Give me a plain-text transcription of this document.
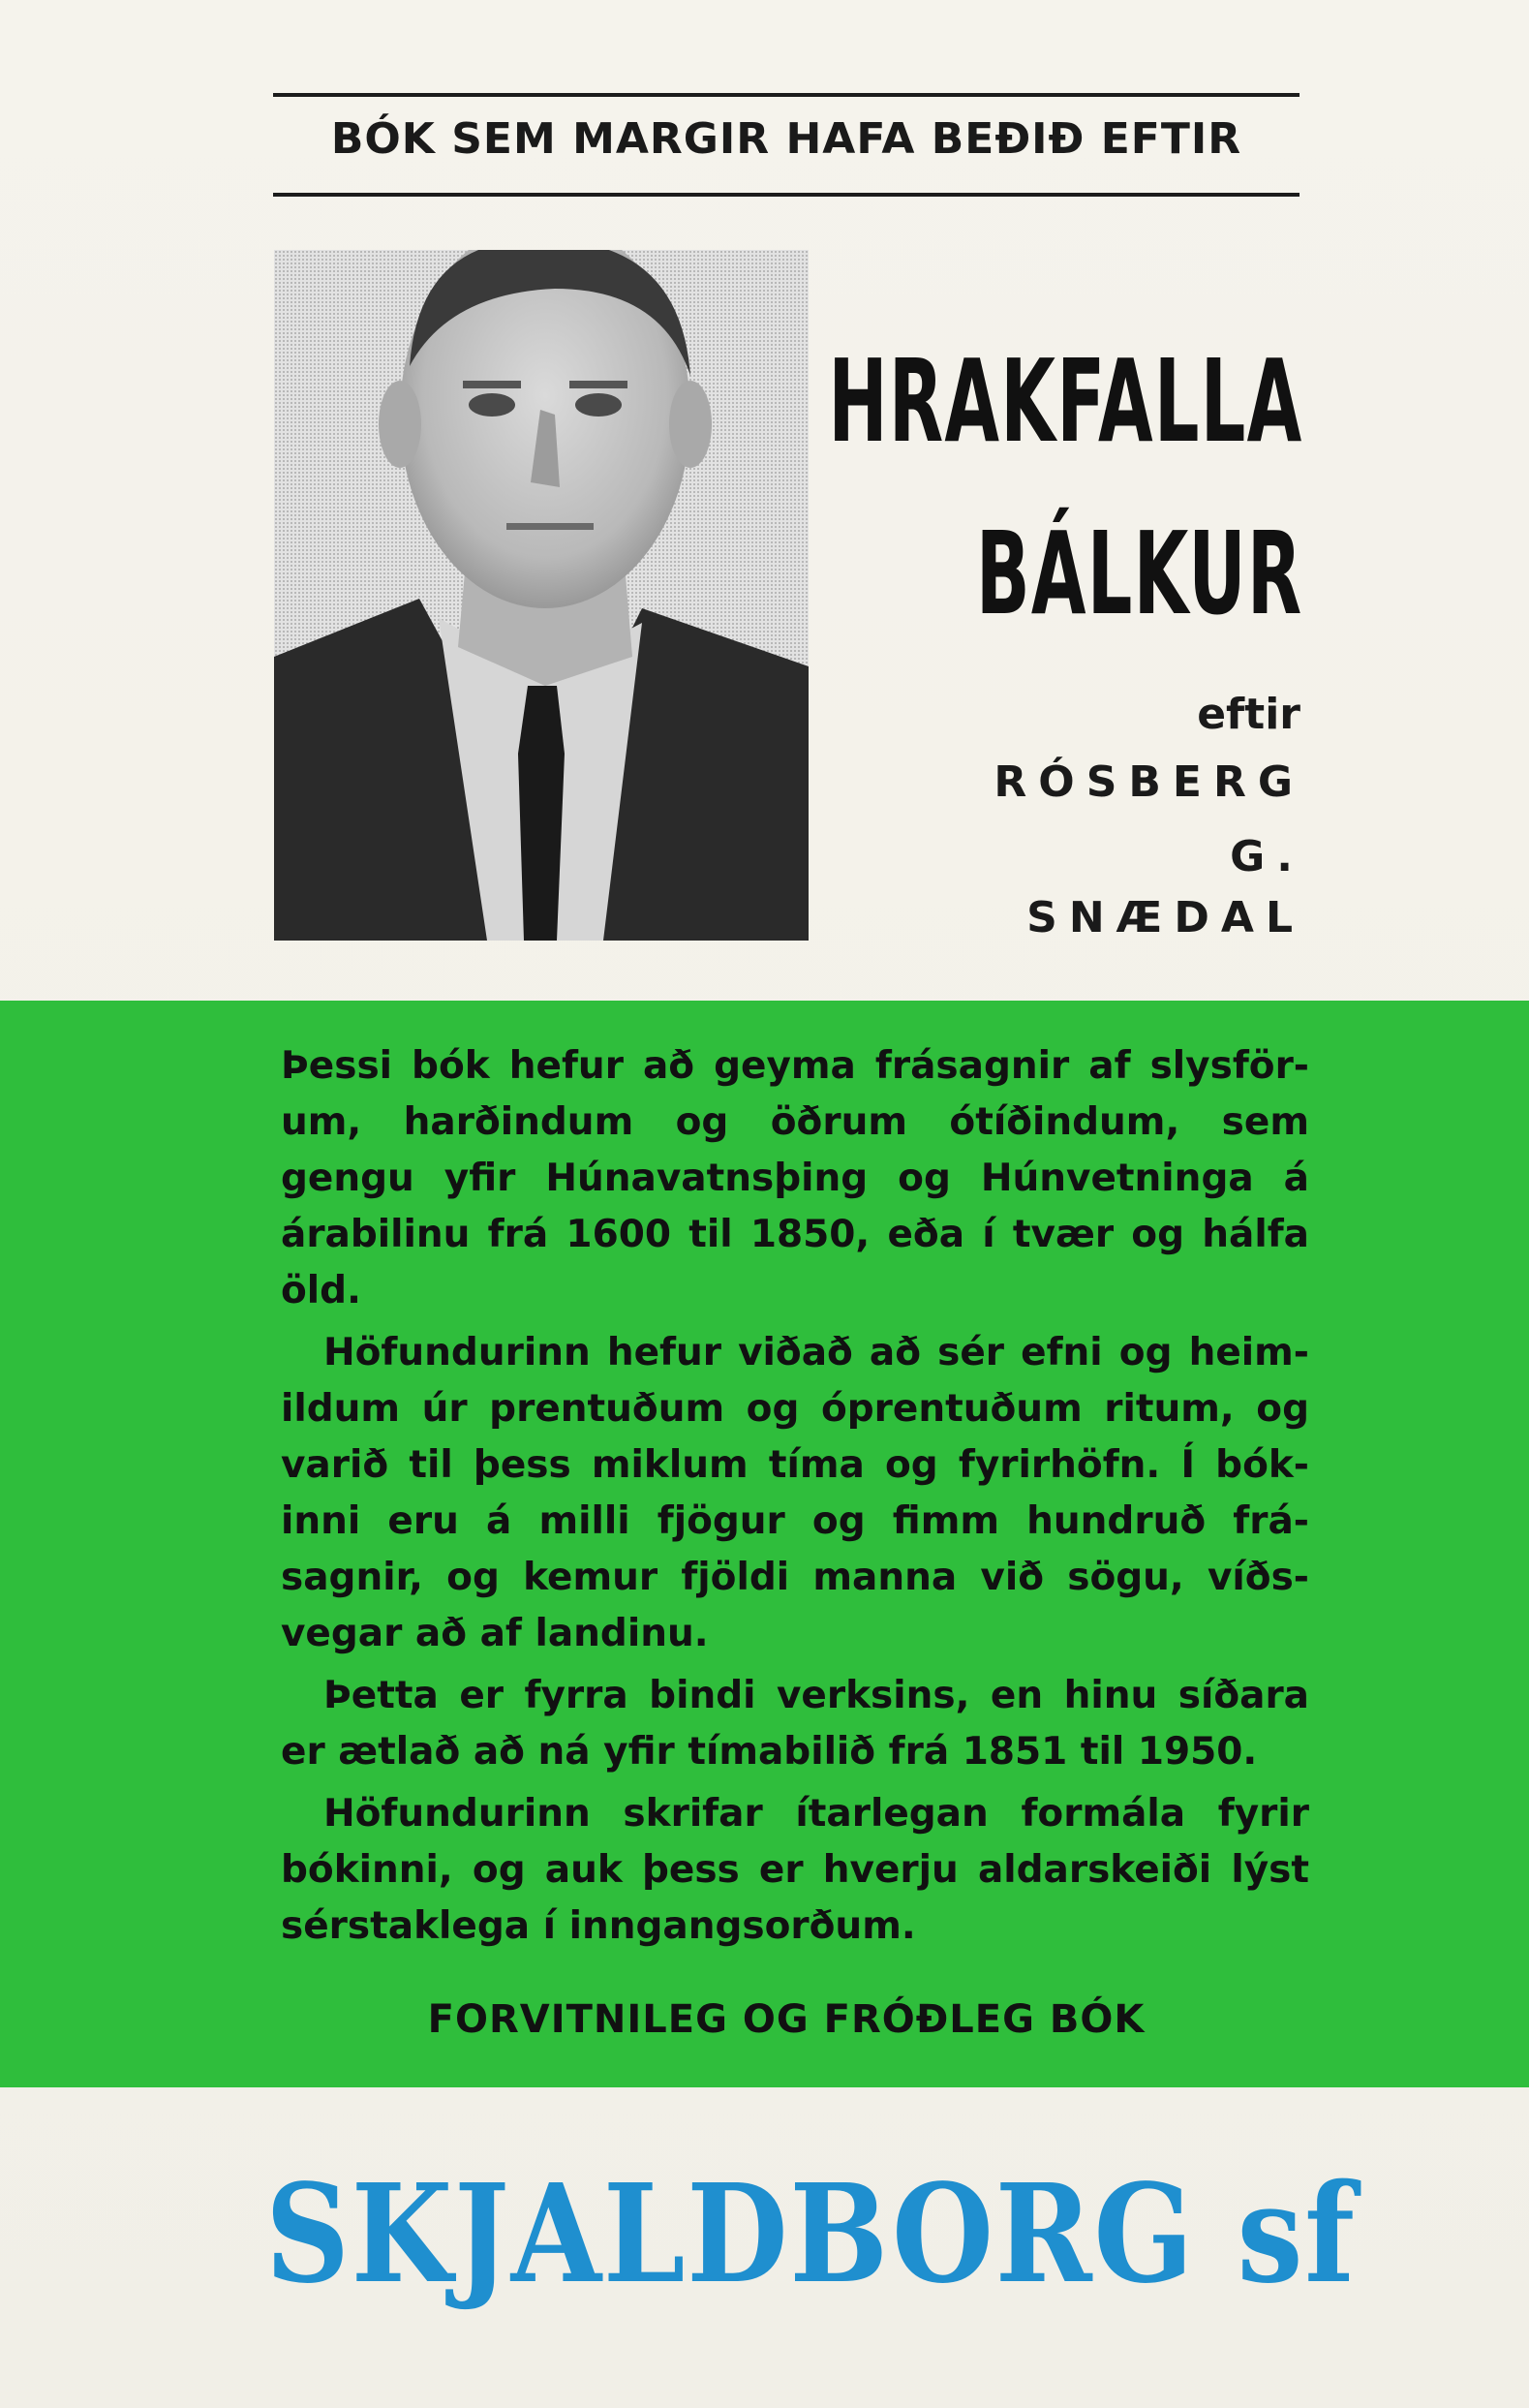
BÓK SEM MARGIR HAFA BEÐIÐ EFTIR
HRAKFALLA
BÁLKUR
eftir
RÓSBERG
G.
SNÆDAL

Þessi bók hefur að geyma frásagnir af slysför-um, harðindum og öðrum ótíðindum, sem gengu yfir Húnavatnsþing og Húnvetninga á árabilinu frá 1600 til 1850, eða í tvær og hálfa öld.

Höfundurinn hefur viðað að sér efni og heim-ildum úr prentuðum og óprentuðum ritum, og varið til þess miklum tíma og fyrirhöfn. Í bók-inni eru á milli fjögur og fimm hundruð frá-sagnir, og kemur fjöldi manna við sögu, víðs-vegar að af landinu.

Þetta er fyrra bindi verksins, en hinu síðara er ætlað að ná yfir tímabilið frá 1851 til 1950.

Höfundurinn skrifar ítarlegan formála fyrir bókinni, og auk þess er hverju aldarskeiði lýst sérstaklega í inngangsorðum.

FORVITNILEG OG FRÓÐLEG BÓK
SKJALDBORG sf
